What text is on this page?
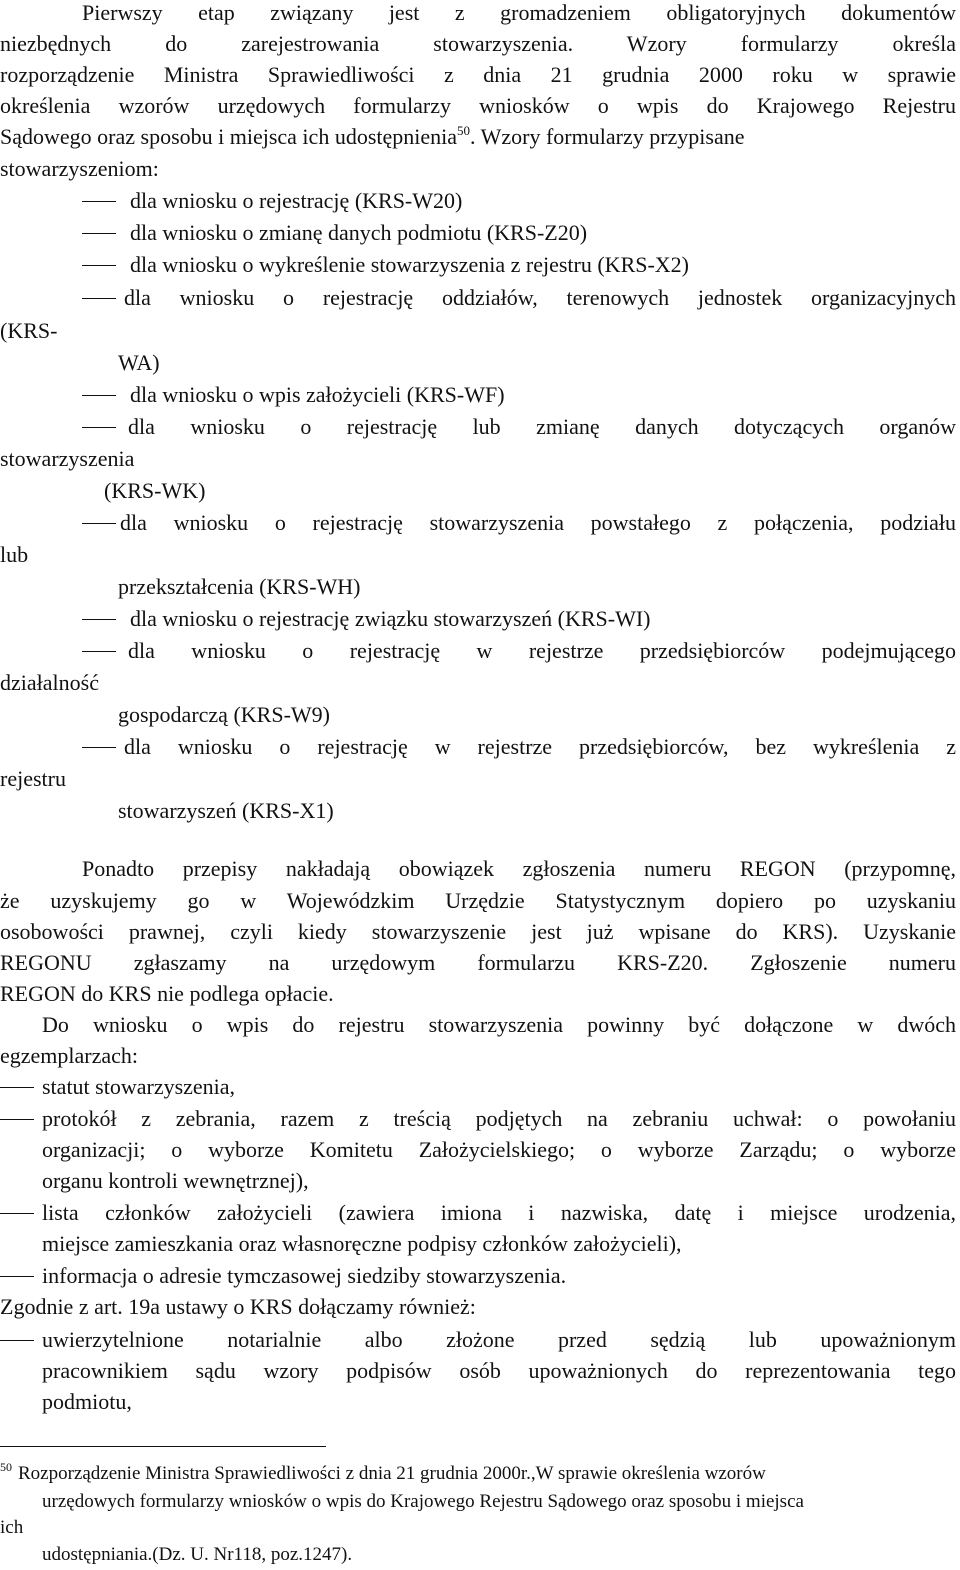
Pierwszy etap związany jest z gromadzeniem obligatoryjnych dokumentów
niezbędnych do zarejestrowania stowarzyszenia. Wzory formularzy określa
rozporządzenie Ministra Sprawiedliwości z dnia 21 grudnia 2000 roku w sprawie
określenia wzorów urzędowych formularzy wniosków o wpis do Krajowego Rejestru
Sądowego oraz sposobu i miejsca ich udostępnienia$^{50}$. Wzory formularzy przypisane
stowarzyszeniom:
dla wniosku o rejestrację (KRS-W20)
dla wniosku o zmianę danych podmiotu (KRS-Z20)
dla wniosku o wykreślenie stowarzyszenia z rejestru (KRS-X2)
dla wniosku o rejestrację oddziałów, terenowych jednostek organizacyjnych
(KRS-
WA)
dla wniosku o wpis założycieli (KRS-WF)
dla wniosku o rejestrację lub zmianę danych dotyczących organów
stowarzyszenia
(KRS-WK)
dla wniosku o rejestrację stowarzyszenia powstałego z połączenia, podziału
lub
przekształcenia (KRS-WH)
dla wniosku o rejestrację związku stowarzyszeń (KRS-WI)
dla wniosku o rejestrację w rejestrze przedsiębiorców podejmującego
działalność
gospodarczą (KRS-W9)
dla wniosku o rejestrację w rejestrze przedsiębiorców, bez wykreślenia z
rejestru
stowarzyszeń (KRS-X1)
Ponadto przepisy nakładają obowiązek zgłoszenia numeru REGON (przypomnę,
że uzyskujemy go w Wojewódzkim Urzędzie Statystycznym dopiero po uzyskaniu
osobowości prawnej, czyli kiedy stowarzyszenie jest już wpisane do KRS). Uzyskanie
REGONU zgłaszamy na urzędowym formularzu KRS-Z20. Zgłoszenie numeru
REGON do KRS nie podlega opłacie.
Do wniosku o wpis do rejestru stowarzyszenia powinny być dołączone w dwóch
egzemplarzach:
statut stowarzyszenia,
protokół z zebrania, razem z treścią podjętych na zebraniu uchwał: o powołaniu
organizacji; o wyborze Komitetu Założycielskiego; o wyborze Zarządu; o wyborze
organu kontroli wewnętrznej),
lista członków założycieli (zawiera imiona i nazwiska, datę i miejsce urodzenia,
miejsce zamieszkania oraz własnoręczne podpisy członków założycieli),
informacja o adresie tymczasowej siedziby stowarzyszenia.
Zgodnie z art. 19a ustawy o KRS dołączamy również:
uwierzytelnione notarialnie albo złożone przed sędzią lub upoważnionym
pracownikiem sądu wzory podpisów osób upoważnionych do reprezentowania tego
podmiotu,
$^{50}$ Rozporządzenie Ministra Sprawiedliwości z dnia 21 grudnia 2000r.,W sprawie określenia wzorów
urzędowych formularzy wniosków o wpis do Krajowego Rejestru Sądowego oraz sposobu i miejsca
ich
udostępniania.(Dz. U. Nr118, poz.1247).
